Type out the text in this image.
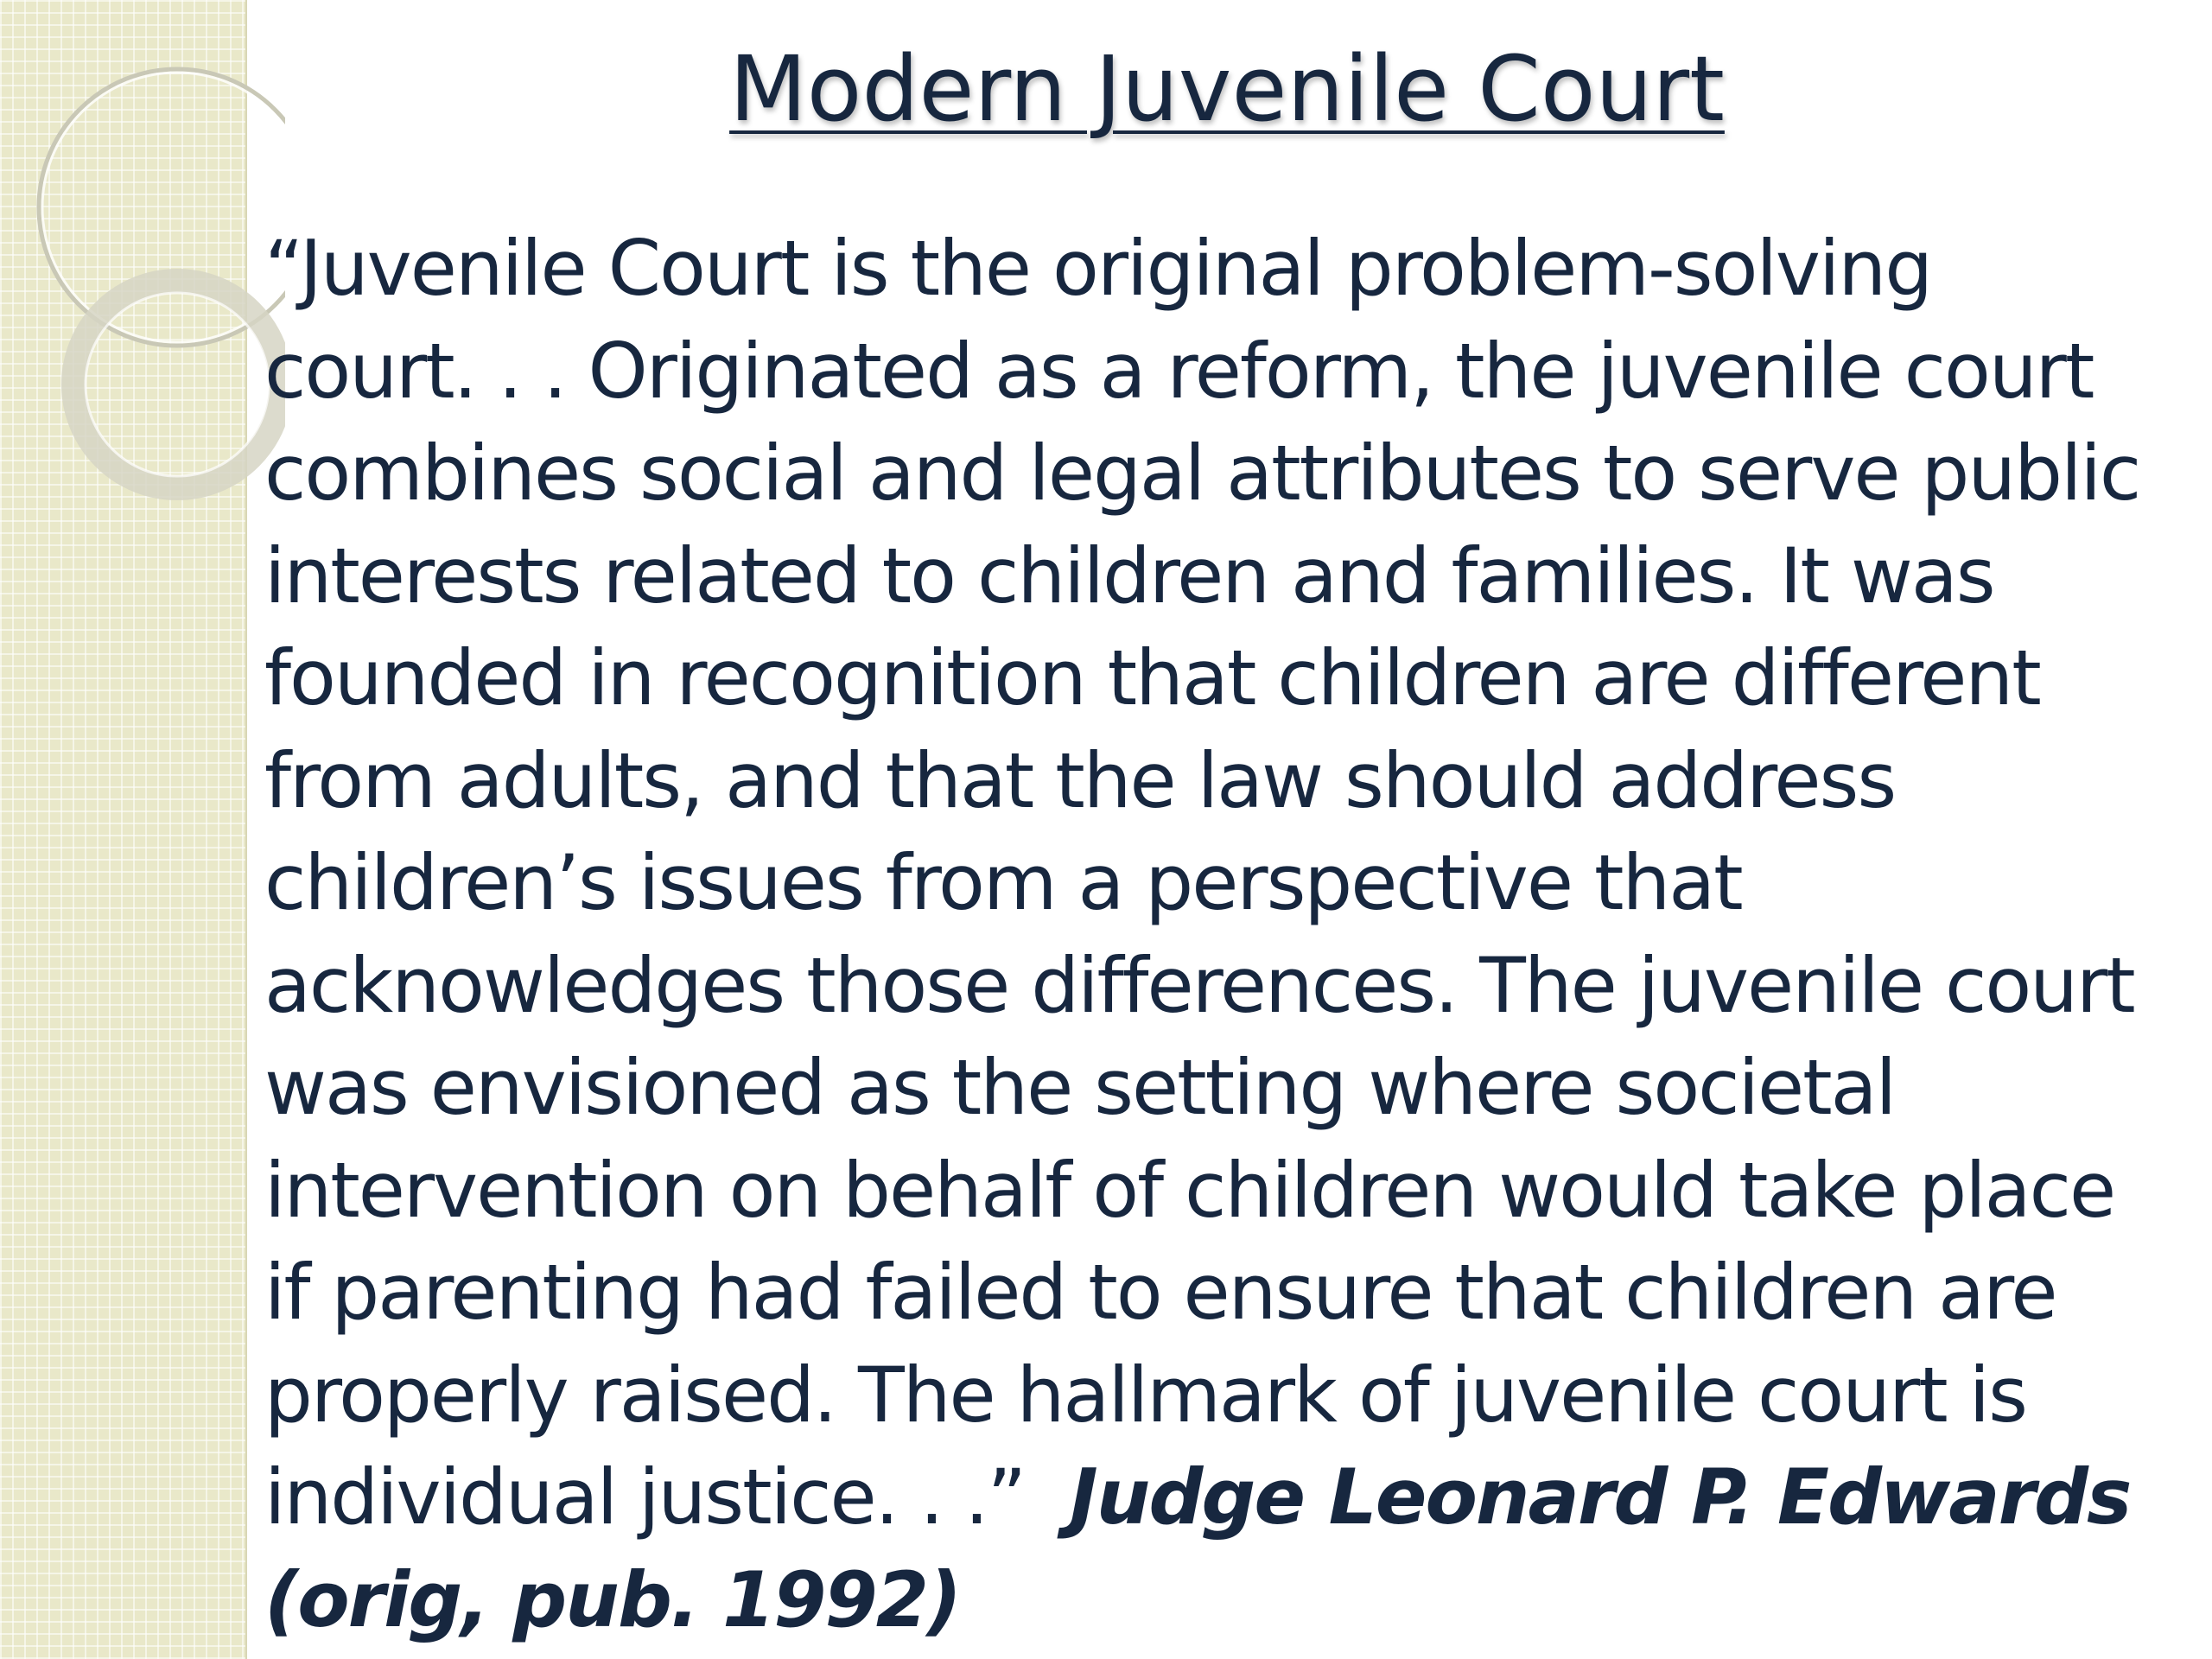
Modern Juvenile Court
“Juvenile Court is the original problem-solving
court. . . Originated as a reform, the juvenile court
combines social and legal attributes to serve public
interests related to children and families. It was
founded in recognition that children are different
from adults, and that the law should address
children’s issues from a perspective that
acknowledges those differences. The juvenile court
was envisioned as the setting where societal
intervention on behalf of children would take place
if parenting had failed to ensure that children are
properly raised. The hallmark of juvenile court is
individual justice. . .”  Judge Leonard P. Edwards
(orig, pub. 1992)
